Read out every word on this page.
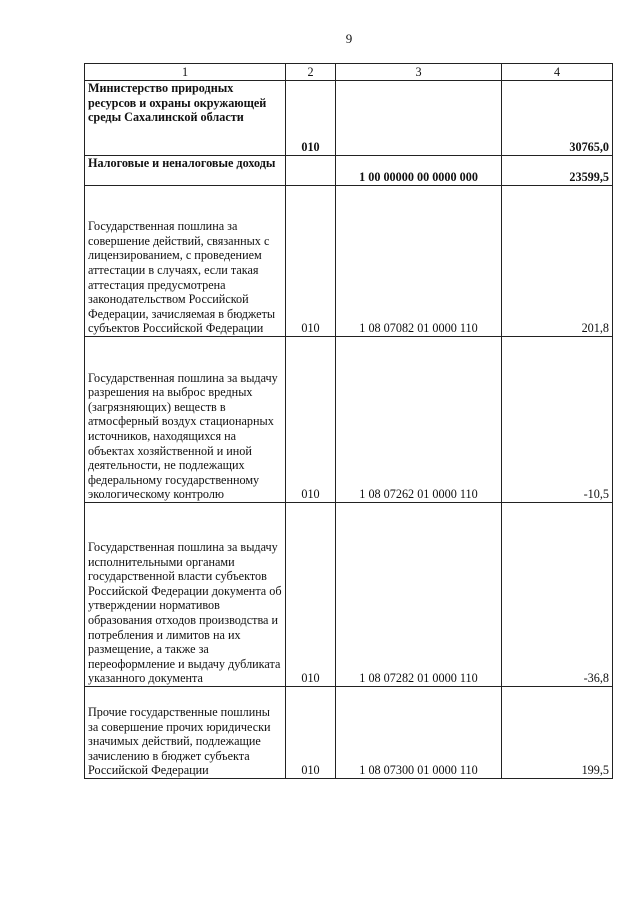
9
1	2	3	4
Министерство природных ресурсов и охраны окружающей среды Сахалинской области	010		30765,0
Налоговые и неналоговые доходы		1 00 00000 00 0000 000	23599,5
Государственная пошлина за совершение действий, связанных с лицензированием, с проведением аттестации в случаях, если такая аттестация предусмотрена законодательством Российской Федерации, зачисляемая в бюджеты субъектов Российской Федерации	010	1 08 07082 01 0000 110	201,8
Государственная пошлина за выдачу разрешения на выброс вредных (загрязняющих) веществ в атмосферный воздух стационарных источников, находящихся на объектах хозяйственной и иной деятельности, не подлежащих федеральному государственному экологическому контролю	010	1 08 07262 01 0000 110	-10,5
Государственная пошлина за выдачу исполнительными органами государственной власти субъектов Российской Федерации документа об утверждении нормативов образования отходов производства и потребления и лимитов на их размещение, а также за переоформление и выдачу дубликата указанного документа	010	1 08 07282 01 0000 110	-36,8
Прочие государственные пошлины за совершение прочих юридически значимых действий, подлежащие зачислению в бюджет субъекта Российской Федерации	010	1 08 07300 01 0000 110	199,5
